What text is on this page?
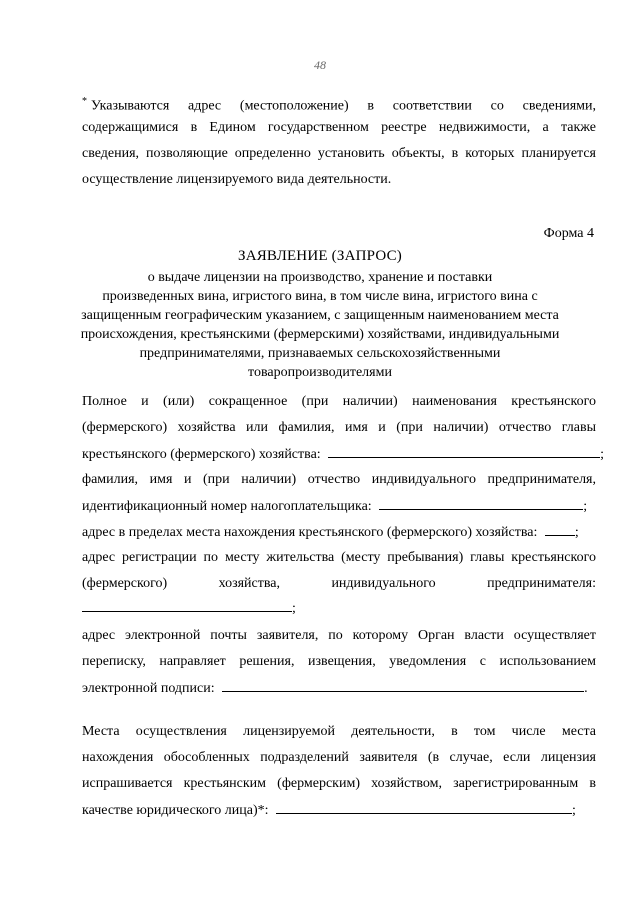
48
* Указываются адрес (местоположение) в соответствии со сведениями,
содержащимися в Едином государственном реестре недвижимости, а также
сведения, позволяющие определенно установить объекты, в которых планируется
осуществление лицензируемого вида деятельности.
Форма 4
ЗАЯВЛЕНИЕ (ЗАПРОС)
о выдаче лицензии на производство, хранение и поставки
произведенных вина, игристого вина, в том числе вина, игристого вина с
защищенным географическим указанием, с защищенным наименованием места
происхождения, крестьянскими (фермерскими) хозяйствами, индивидуальными
предпринимателями, признаваемых сельскохозяйственными
товаропроизводителями
Полное и (или) сокращенное (при наличии) наименования крестьянского
(фермерского) хозяйства или фамилия, имя и (при наличии) отчество главы
крестьянского (фермерского) хозяйства:	;
фамилия, имя и (при наличии) отчество индивидуального предпринимателя,
идентификационный номер налогоплательщика:	;
адрес в пределах места нахождения крестьянского (фермерского) хозяйства:	;
адрес регистрации по месту жительства (месту пребывания) главы крестьянского
(фермерского) хозяйства, индивидуального предпринимателя:
;
адрес электронной почты заявителя, по которому Орган власти осуществляет
переписку, направляет решения, извещения, уведомления с использованием
электронной подписи:	.
Места осуществления лицензируемой деятельности, в том числе места
нахождения обособленных подразделений заявителя (в случае, если лицензия
испрашивается крестьянским (фермерским) хозяйством, зарегистрированным в
качестве юридического лица)*:	;
